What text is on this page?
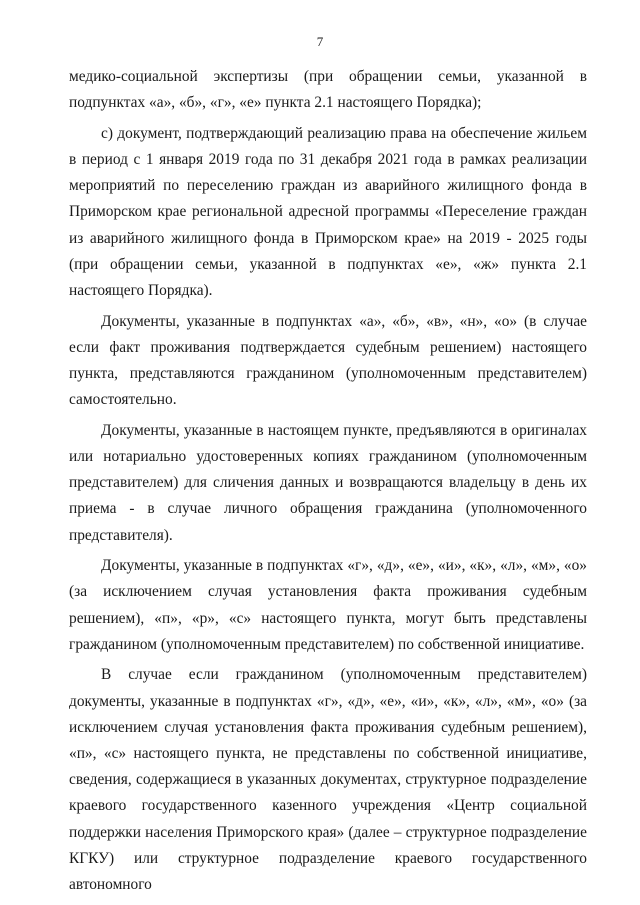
7

медико-социальной экспертизы (при обращении семьи, указанной в подпунктах «а», «б», «г», «е» пункта 2.1 настоящего Порядка);

с) документ, подтверждающий реализацию права на обеспечение жильем в период с 1 января 2019 года по 31 декабря 2021 года в рамках реализации мероприятий по переселению граждан из аварийного жилищного фонда в Приморском крае региональной адресной программы «Переселение граждан из аварийного жилищного фонда в Приморском крае» на 2019 - 2025 годы (при обращении семьи, указанной в подпунктах «е», «ж» пункта 2.1 настоящего Порядка).

Документы, указанные в подпунктах «а», «б», «в», «н», «о» (в случае если факт проживания подтверждается судебным решением) настоящего пункта, представляются гражданином (уполномоченным представителем) самостоятельно.

Документы, указанные в настоящем пункте, предъявляются в оригиналах или нотариально удостоверенных копиях гражданином (уполномоченным представителем) для сличения данных и возвращаются владельцу в день их приема - в случае личного обращения гражданина (уполномоченного представителя).

Документы, указанные в подпунктах «г», «д», «е», «и», «к», «л», «м», «о» (за исключением случая установления факта проживания судебным решением), «п», «р», «с» настоящего пункта, могут быть представлены гражданином (уполномоченным представителем) по собственной инициативе.

В случае если гражданином (уполномоченным представителем) документы, указанные в подпунктах «г», «д», «е», «и», «к», «л», «м», «о» (за исключением случая установления факта проживания судебным решением), «п», «с» настоящего пункта, не представлены по собственной инициативе, сведения, содержащиеся в указанных документах, структурное подразделение краевого государственного казенного учреждения «Центр социальной поддержки населения Приморского края» (далее – структурное подразделение КГКУ) или структурное подразделение краевого государственного автономного
